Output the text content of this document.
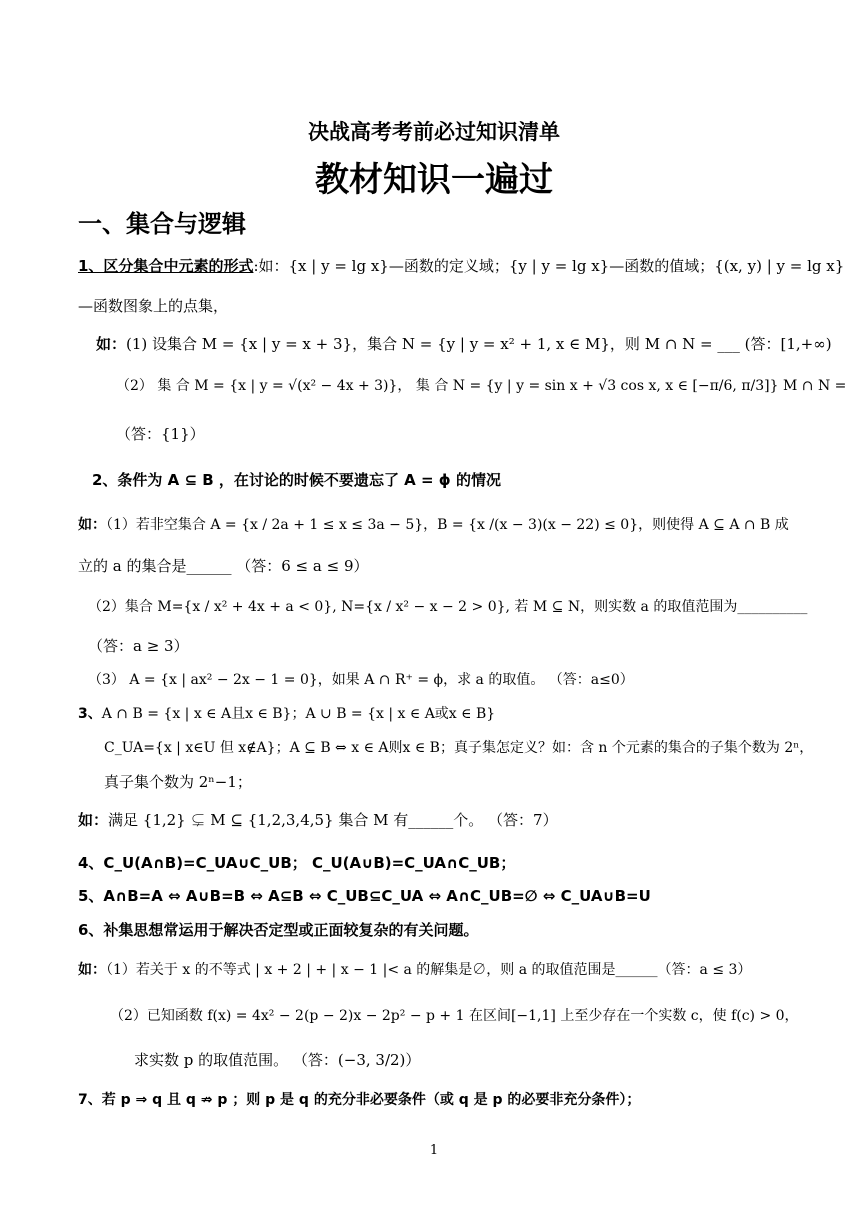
决战高考考前必过知识清单
教材知识一遍过
一、集合与逻辑
1、区分集合中元素的形式:如：{x | y = lg x}—函数的定义域；{y | y = lg x}—函数的值域；{(x, y) | y = lg x}
—函数图象上的点集，
如：(1) 设集合 M = {x | y = x + 3}，集合 N = {y | y = x² + 1, x ∈ M}，则 M ∩ N = ___ (答：[1,+∞)
（2） 集 合 M = {x | y = √(x² − 4x + 3)}， 集 合 N = {y | y = sin x + √3 cos x, x ∈ [−π/6, π/3]} M ∩ N =
（答：{1}）
2、条件为 A ⊆ B ，在讨论的时候不要遗忘了 A = ϕ 的情况
如：（1）若非空集合 A = {x / 2a + 1 ≤ x ≤ 3a − 5}，B = {x /(x − 3)(x − 22) ≤ 0}，则使得 A ⊆ A ∩ B 成
立的 a 的集合是______ （答：6 ≤ a ≤ 9）
（2）集合 M={x / x² + 4x + a < 0}, N={x / x² − x − 2 > 0}, 若 M ⊆ N，则实数 a 的取值范围为__________
（答：a ≥ 3）
（3） A = {x | ax² − 2x − 1 = 0}，如果 A ∩ R⁺ = ϕ，求 a 的取值。 （答：a≤0）
3、A ∩ B = {x | x ∈ A且x ∈ B}；A ∪ B = {x | x ∈ A或x ∈ B}
C_UA={x | x∈U 但 x∉A}；A ⊆ B ⇔ x ∈ A则x ∈ B；真子集怎定义？如：含 n 个元素的集合的子集个数为 2ⁿ，
真子集个数为 2ⁿ−1；
如：满足 {1,2} ⊊ M ⊆ {1,2,3,4,5} 集合 M 有______个。 （答：7）
4、C_U(A∩B)=C_UA∪C_UB； C_U(A∪B)=C_UA∩C_UB；
5、A∩B=A ⇔ A∪B=B ⇔ A⊆B ⇔ C_UB⊆C_UA ⇔ A∩C_UB=∅ ⇔ C_UA∪B=U
6、补集思想常运用于解决否定型或正面较复杂的有关问题。
如：（1）若关于 x 的不等式 | x + 2 | + | x − 1 |< a 的解集是∅，则 a 的取值范围是______（答：a ≤ 3）
（2）已知函数 f(x) = 4x² − 2(p − 2)x − 2p² − p + 1 在区间[−1,1] 上至少存在一个实数 c，使 f(c) > 0，
求实数 p 的取值范围。 （答：(−3, 3/2)）
7、若 p ⇒ q 且 q ⇏ p ；则 p 是 q 的充分非必要条件（或 q 是 p 的必要非充分条件）；
1
